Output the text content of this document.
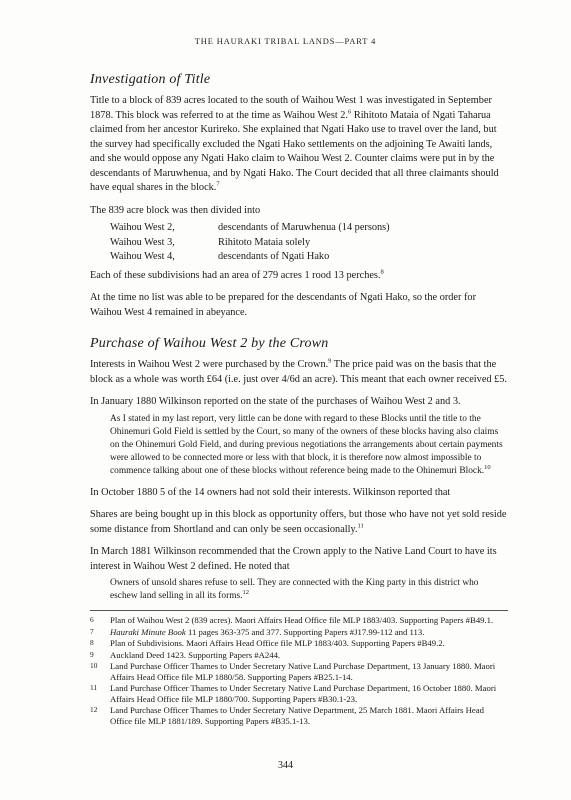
THE HAURAKI TRIBAL LANDS—PART 4
Investigation of Title

Title to a block of 839 acres located to the south of Waihou West 1 was investigated in September 1878. This block was referred to at the time as Waihou West 2.$^6$ Rihitoto Mataia of Ngati Taharua claimed from her ancestor Kurireko. She explained that Ngati Hako use to travel over the land, but the survey had specifically excluded the Ngati Hako settlements on the adjoining Te Awaiti lands, and she would oppose any Ngati Hako claim to Waihou West 2. Counter claims were put in by the descendants of Maruwhenua, and by Ngati Hako. The Court decided that all three claimants should have equal shares in the block.$^7$

The 839 acre block was then divided into

Waihou West 2,	descendants of Maruwhenua (14 persons)
Waihou West 3,	Rihitoto Mataia solely
Waihou West 4,	descendants of Ngati Hako

Each of these subdivisions had an area of 279 acres 1 rood 13 perches.$^8$

At the time no list was able to be prepared for the descendants of Ngati Hako, so the order for Waihou West 4 remained in abeyance.

Purchase of Waihou West 2 by the Crown

Interests in Waihou West 2 were purchased by the Crown.$^9$ The price paid was on the basis that the block as a whole was worth £64 (i.e. just over 4/6d an acre). This meant that each owner received £5.

In January 1880 Wilkinson reported on the state of the purchases of Waihou West 2 and 3.

As I stated in my last report, very little can be done with regard to these Blocks until the title to the Ohinemuri Gold Field is settled by the Court, so many of the owners of these blocks having also claims on the Ohinemuri Gold Field, and during previous negotiations the arrangements about certain payments were allowed to be connected more or less with that block, it is therefore now almost impossible to commence talking about one of these blocks without reference being made to the Ohinemuri Block.$^{10}$

In October 1880 5 of the 14 owners had not sold their interests. Wilkinson reported that

Shares are being bought up in this block as opportunity offers, but those who have not yet sold reside some distance from Shortland and can only be seen occasionally.$^{11}$

In March 1881 Wilkinson recommended that the Crown apply to the Native Land Court to have its interest in Waihou West 2 defined. He noted that

Owners of unsold shares refuse to sell. They are connected with the King party in this district who eschew land selling in all its forms.$^{12}$

6	Plan of Waihou West 2 (839 acres). Maori Affairs Head Office file MLP 1883/403. Supporting Papers #B49.1.
7	Hauraki Minute Book 11 pages 363-375 and 377. Supporting Papers #J17.99-112 and 113.
8	Plan of Subdivisions. Maori Affairs Head Office file MLP 1883/403. Supporting Papers #B49.2.
9	Auckland Deed 1423. Supporting Papers #A244.
10	Land Purchase Officer Thames to Under Secretary Native Land Purchase Department, 13 January 1880. Maori Affairs Head Office file MLP 1880/58. Supporting Papers #B25.1-14.
11	Land Purchase Officer Thames to Under Secretary Native Land Purchase Department, 16 October 1880. Maori Affairs Head Office file MLP 1880/700. Supporting Papers #B30.1-23.
12	Land Purchase Officer Thames to Under Secretary Native Department, 25 March 1881. Maori Affairs Head Office file MLP 1881/189. Supporting Papers #B35.1-13.
344
